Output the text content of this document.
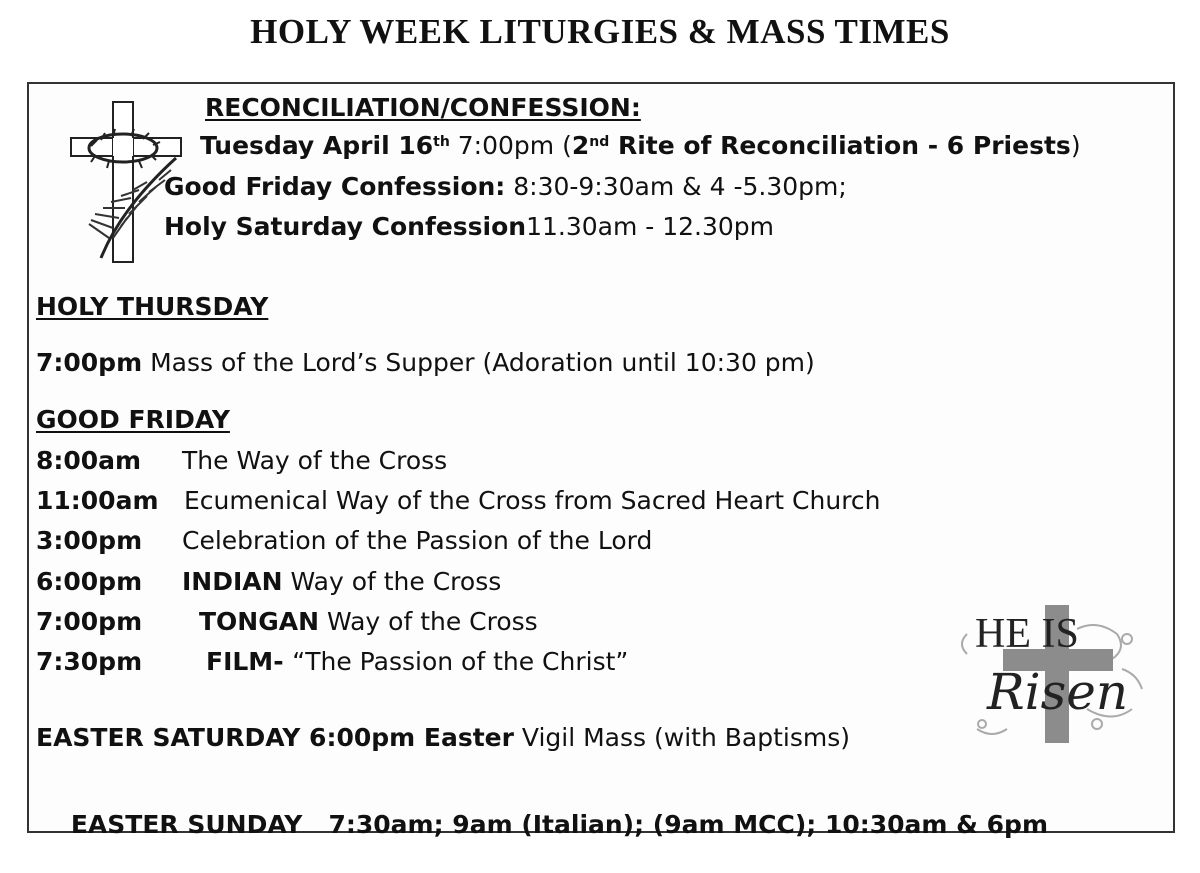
HOLY WEEK LITURGIES & MASS TIMES
RECONCILIATION/CONFESSION:
Tuesday April 16th 7:00pm (2nd Rite of Reconciliation - 6 Priests)
Good Friday Confession: 8:30-9:30am & 4 -5.30pm;
Holy Saturday Confession11.30am - 12.30pm
HOLY THURSDAY
7:00pm Mass of the Lord’s Supper (Adoration until 10:30 pm)
GOOD FRIDAY
8:00am The Way of the Cross
11:00am Ecumenical Way of the Cross from Sacred Heart Church
3:00pm Celebration of the Passion of the Lord
6:00pm INDIAN Way of the Cross
7:00pm TONGAN Way of the Cross
7:30pm	FILM- “The Passion of the Christ”
EASTER SATURDAY 6:00pm Easter Vigil Mass (with Baptisms)

EASTER SUNDAY   7:30am; 9am (Italian); (9am MCC); 10:30am & 6pm

HE IS
Risen
